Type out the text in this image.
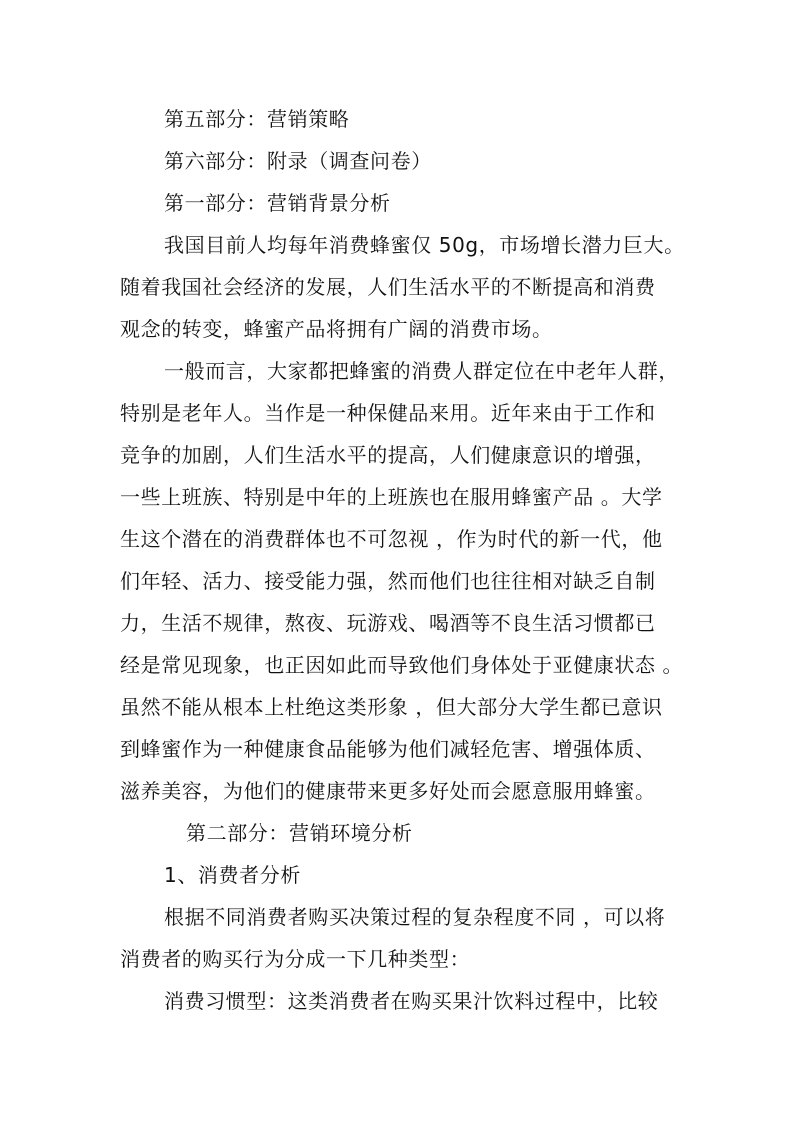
第五部分：营销策略
第六部分：附录（调查问卷）
第一部分：营销背景分析
我国目前人均每年消费蜂蜜仅 50g，市场增长潜力巨大。
随着我国社会经济的发展，人们生活水平的不断提高和消费
观念的转变，蜂蜜产品将拥有广阔的消费市场。
一般而言，大家都把蜂蜜的消费人群定位在中老年人群，
特别是老年人。当作是一种保健品来用。近年来由于工作和
竞争的加剧，人们生活水平的提高，人们健康意识的增强，
一些上班族、特别是中年的上班族也在服用蜂蜜产品 。大学
生这个潜在的消费群体也不可忽视 ，作为时代的新一代，他
们年轻、活力、接受能力强，然而他们也往往相对缺乏自制
力，生活不规律，熬夜、玩游戏、喝酒等不良生活习惯都已
经是常见现象，也正因如此而导致他们身体处于亚健康状态 。
虽然不能从根本上杜绝这类形象 ，但大部分大学生都已意识
到蜂蜜作为一种健康食品能够为他们减轻危害、增强体质、
滋养美容，为他们的健康带来更多好处而会愿意服用蜂蜜。
第二部分：营销环境分析
1、消费者分析
根据不同消费者购买决策过程的复杂程度不同 ，可以将
消费者的购买行为分成一下几种类型：
消费习惯型：这类消费者在购买果汁饮料过程中，比较
